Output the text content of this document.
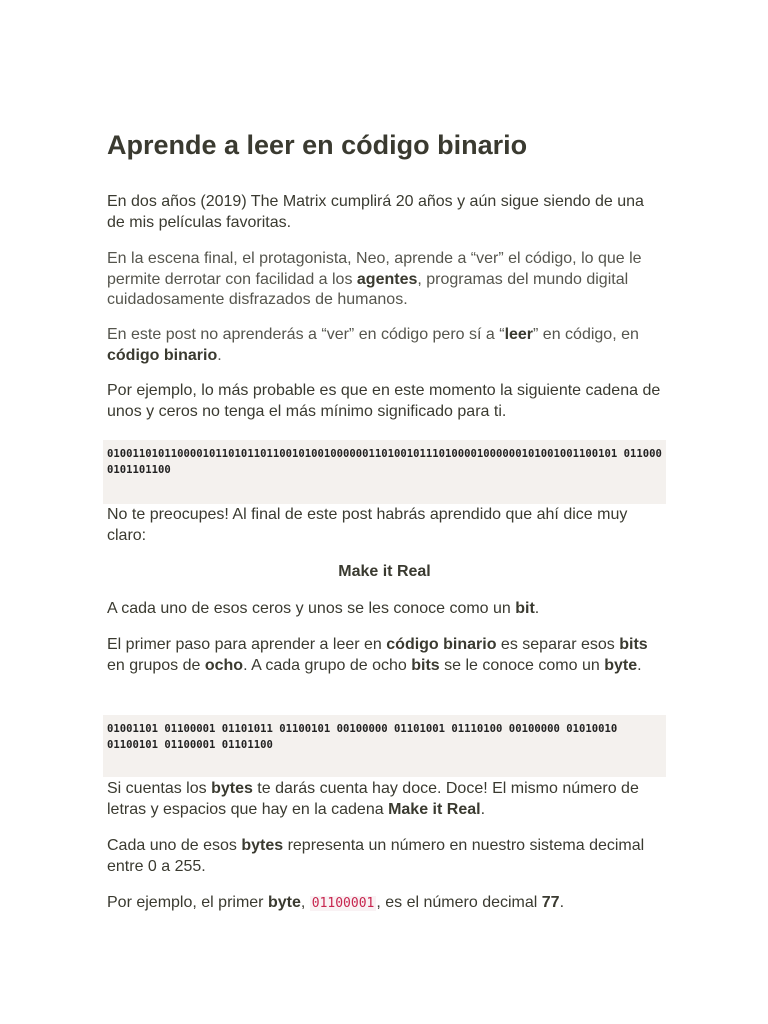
Aprende a leer en código binario

En dos años (2019) The Matrix cumplirá 20 años y aún sigue siendo de una de mis películas favoritas.

En la escena final, el protagonista, Neo, aprende a “ver” el código, lo que le permite derrotar con facilidad a los agentes, programas del mundo digital cuidadosamente disfrazados de humanos.

En este post no aprenderás a “ver” en código pero sí a “leer” en código, en código binario.

Por ejemplo, lo más probable es que en este momento la siguiente cadena de unos y ceros no tenga el más mínimo significado para ti.

01001101011000010110101101100101001000000110100101110100001000000101001001100101 0110000101101100

No te preocupes! Al final de este post habrás aprendido que ahí dice muy claro:

Make it Real

A cada uno de esos ceros y unos se les conoce como un bit.

El primer paso para aprender a leer en código binario es separar esos bits en grupos de ocho. A cada grupo de ocho bits se le conoce como un byte.

01001101 01100001 01101011 01100101 00100000 01101001 01110100 00100000 01010010 01100101 01100001 01101100

Si cuentas los bytes te darás cuenta hay doce. Doce! El mismo número de letras y espacios que hay en la cadena Make it Real.

Cada uno de esos bytes representa un número en nuestro sistema decimal entre 0 a 255.

Por ejemplo, el primer byte, 01100001 , es el número decimal 77.
